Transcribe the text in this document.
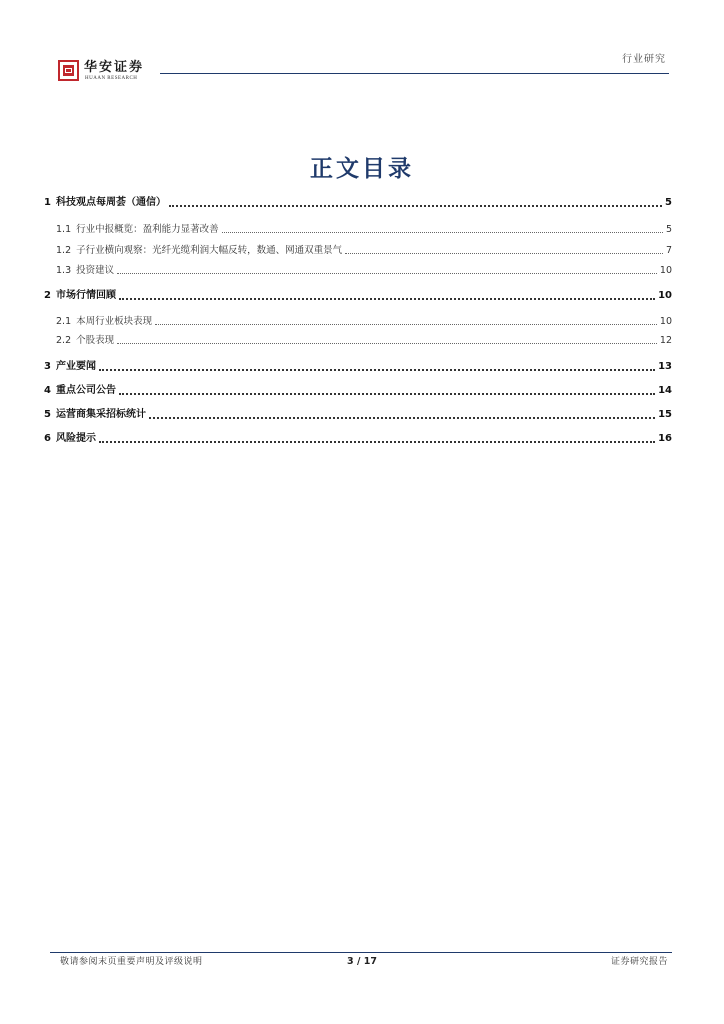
华安证券
HUAAN RESEARCH
行业研究
正文目录
1 科技观点每周荟（通信）	5
1.1 行业中报概览：盈利能力显著改善	5
1.2 子行业横向观察：光纤光缆利润大幅反转，数通、网通双重景气	7
1.3 投资建议	10
2 市场行情回顾	10
2.1 本周行业板块表现	10
2.2 个股表现	12
3 产业要闻	13
4 重点公司公告	14
5 运营商集采招标统计	15
6 风险提示	16
敬请参阅末页重要声明及评级说明	3 / 17	证券研究报告
